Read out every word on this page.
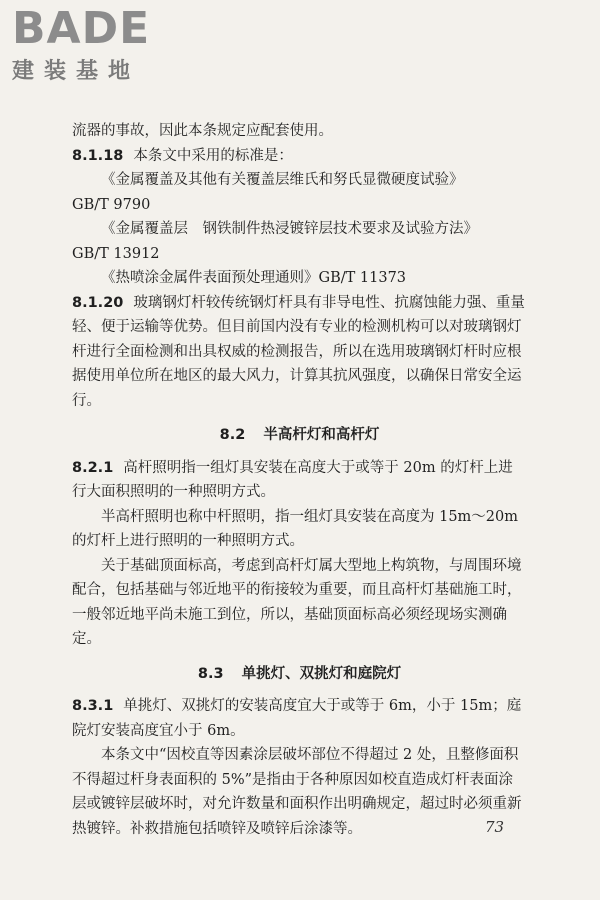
BADE
建装基地

流器的事故，因此本条规定应配套使用。

8.1.18 本条文中采用的标准是：

《金属覆盖及其他有关覆盖层维氏和努氏显微硬度试验》

GB/T 9790

《金属覆盖层　钢铁制件热浸镀锌层技术要求及试验方法》

GB/T 13912

《热喷涂金属件表面预处理通则》GB/T 11373

8.1.20 玻璃钢灯杆较传统钢灯杆具有非导电性、抗腐蚀能力强、重量轻、便于运输等优势。但目前国内没有专业的检测机构可以对玻璃钢灯杆进行全面检测和出具权威的检测报告，所以在选用玻璃钢灯杆时应根据使用单位所在地区的最大风力，计算其抗风强度，以确保日常安全运行。

8.2 半高杆灯和高杆灯

8.2.1 高杆照明指一组灯具安装在高度大于或等于 20m 的灯杆上进行大面积照明的一种照明方式。

半高杆照明也称中杆照明，指一组灯具安装在高度为 15m～20m 的灯杆上进行照明的一种照明方式。

关于基础顶面标高，考虑到高杆灯属大型地上构筑物，与周围环境配合，包括基础与邻近地平的衔接较为重要，而且高杆灯基础施工时，一般邻近地平尚未施工到位，所以，基础顶面标高必须经现场实测确定。

8.3 单挑灯、双挑灯和庭院灯

8.3.1 单挑灯、双挑灯的安装高度宜大于或等于 6m，小于 15m；庭院灯安装高度宜小于 6m。

本条文中“因校直等因素涂层破坏部位不得超过 2 处，且整修面积不得超过杆身表面积的 5%”是指由于各种原因如校直造成灯杆表面涂层或镀锌层破坏时，对允许数量和面积作出明确规定，超过时必须重新热镀锌。补救措施包括喷锌及喷锌后涂漆等。	73
